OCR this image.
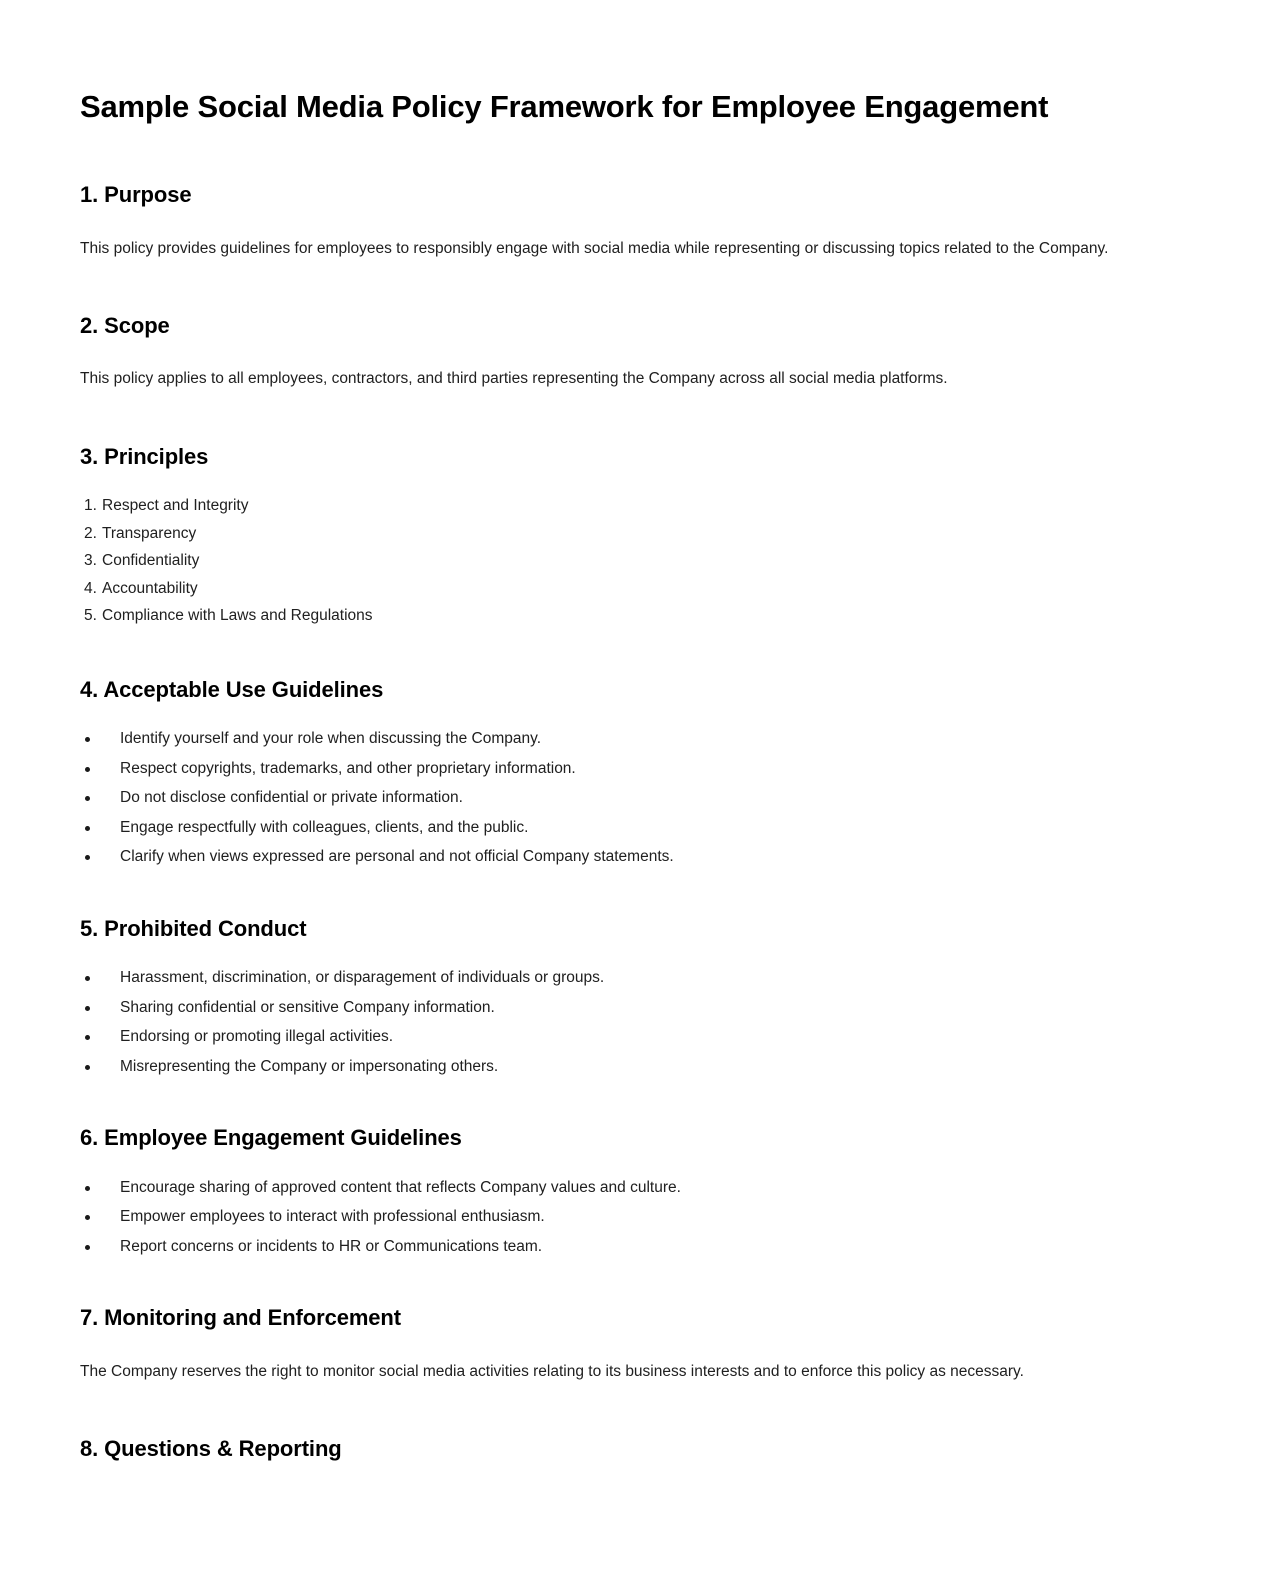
Sample Social Media Policy Framework for Employee Engagement
1. Purpose

This policy provides guidelines for employees to responsibly engage with social media while representing or discussing topics related to the Company.

2. Scope

This policy applies to all employees, contractors, and third parties representing the Company across all social media platforms.

3. Principles
1. Respect and Integrity
2. Transparency
3. Confidentiality
4. Accountability
5. Compliance with Laws and Regulations
4. Acceptable Use Guidelines
Identify yourself and your role when discussing the Company.
Respect copyrights, trademarks, and other proprietary information.
Do not disclose confidential or private information.
Engage respectfully with colleagues, clients, and the public.
Clarify when views expressed are personal and not official Company statements.
5. Prohibited Conduct
Harassment, discrimination, or disparagement of individuals or groups.
Sharing confidential or sensitive Company information.
Endorsing or promoting illegal activities.
Misrepresenting the Company or impersonating others.
6. Employee Engagement Guidelines
Encourage sharing of approved content that reflects Company values and culture.
Empower employees to interact with professional enthusiasm.
Report concerns or incidents to HR or Communications team.
7. Monitoring and Enforcement

The Company reserves the right to monitor social media activities relating to its business interests and to enforce this policy as necessary.

8. Questions & Reporting
